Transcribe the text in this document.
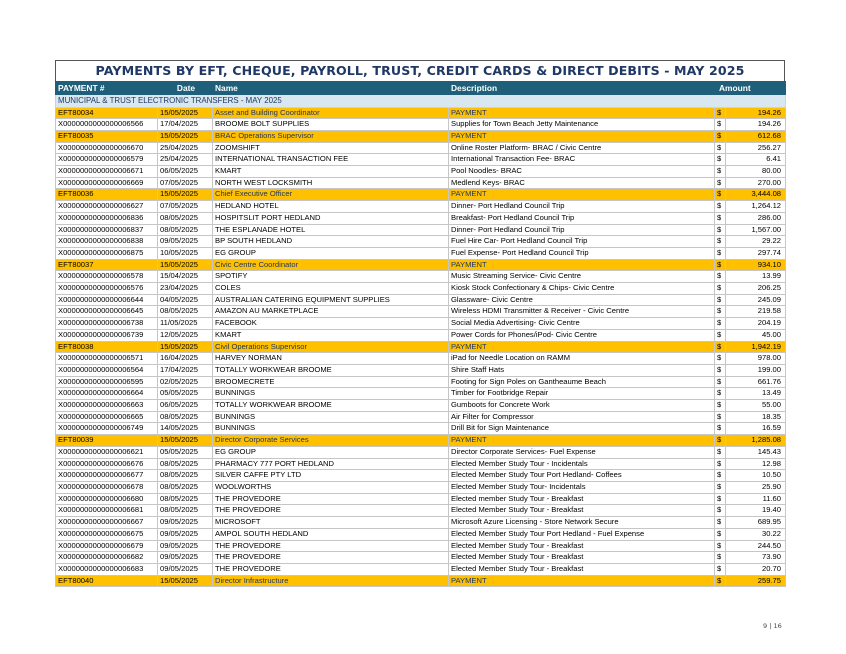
PAYMENTS BY EFT, CHEQUE, PAYROLL, TRUST, CREDIT CARDS & DIRECT DEBITS - MAY 2025
PAYMENT #	Date	Name	Description	Amount	
MUNICIPAL & TRUST ELECTRONIC TRANSFERS - MAY 2025					
EFT80034	15/05/2025	Asset and Building Coordinator	PAYMENT	$	194.26
X0000000000000006566	17/04/2025	BROOME BOLT SUPPLIES	Supplies for Town Beach Jetty Maintenance	$	194.26
EFT80035	15/05/2025	BRAC Operations Supervisor	PAYMENT	$	612.68
X0000000000000006670	25/04/2025	ZOOMSHIFT	Online Roster Platform- BRAC / Civic Centre	$	256.27
X0000000000000006579	25/04/2025	INTERNATIONAL TRANSACTION FEE	International Transaction Fee- BRAC	$	6.41
X0000000000000006671	06/05/2025	KMART	Pool Noodles- BRAC	$	80.00
X0000000000000006669	07/05/2025	NORTH WEST LOCKSMITH	Medlend Keys- BRAC	$	270.00
EFT80036	15/05/2025	Chief Executive Officer	PAYMENT	$	3,444.08
X0000000000000006627	07/05/2025	HEDLAND HOTEL	Dinner- Port Hedland Council Trip	$	1,264.12
X0000000000000006836	08/05/2025	HOSPITSLIT PORT HEDLAND	Breakfast- Port Hedland Council Trip	$	286.00
X0000000000000006837	08/05/2025	THE ESPLANADE HOTEL	Dinner- Port Hedland Council Trip	$	1,567.00
X0000000000000006838	09/05/2025	BP SOUTH HEDLAND	Fuel Hire Car- Port Hedland Council Trip	$	29.22
X0000000000000006875	10/05/2025	EG GROUP	Fuel Expense- Port Hedland Council Trip	$	297.74
EFT80037	15/05/2025	Civic Centre Coordinator	PAYMENT	$	934.10
X0000000000000006578	15/04/2025	SPOTIFY	Music Streaming Service- Civic Centre	$	13.99
X0000000000000006576	23/04/2025	COLES	Kiosk Stock Confectionary & Chips- Civic Centre	$	206.25
X0000000000000006644	04/05/2025	AUSTRALIAN CATERING EQUIPMENT SUPPLIES	Glassware- Civic Centre	$	245.09
X0000000000000006645	08/05/2025	AMAZON AU MARKETPLACE	Wireless HDMI Transmitter & Receiver - Civic Centre	$	219.58
X0000000000000006738	11/05/2025	FACEBOOK	Social Media Advertising- Civic Centre	$	204.19
X0000000000000006739	12/05/2025	KMART	Power Cords for Phones/iPod- Civic Centre	$	45.00
EFT80038	15/05/2025	Civil Operations Supervisor	PAYMENT	$	1,942.19
X0000000000000006571	16/04/2025	HARVEY NORMAN	iPad for Needle Location on RAMM	$	978.00
X0000000000000006564	17/04/2025	TOTALLY WORKWEAR BROOME	Shire Staff Hats	$	199.00
X0000000000000006595	02/05/2025	BROOMECRETE	Footing for Sign Poles on Gantheaume Beach	$	661.76
X0000000000000006664	05/05/2025	BUNNINGS	Timber for Footbridge Repair	$	13.49
X0000000000000006663	06/05/2025	TOTALLY WORKWEAR BROOME	Gumboots for Concrete Work	$	55.00
X0000000000000006665	08/05/2025	BUNNINGS	Air Filter for Compressor	$	18.35
X0000000000000006749	14/05/2025	BUNNINGS	Drill Bit for Sign Maintenance	$	16.59
EFT80039	15/05/2025	Director Corporate Services	PAYMENT	$	1,285.08
X0000000000000006621	05/05/2025	EG GROUP	Director Corporate Services- Fuel Expense	$	145.43
X0000000000000006676	08/05/2025	PHARMACY 777 PORT HEDLAND	Elected Member Study Tour - Incidentals	$	12.98
X0000000000000006677	08/05/2025	SILVER CAFFE PTY LTD	Elected Member Study Tour Port Hedland- Coffees	$	10.50
X0000000000000006678	08/05/2025	WOOLWORTHS	Elected Member Study Tour- Incidentals	$	25.90
X0000000000000006680	08/05/2025	THE PROVEDORE	Elected member Study Tour - Breakfast	$	11.60
X0000000000000006681	08/05/2025	THE PROVEDORE	Elected Member Study Tour - Breakfast	$	19.40
X0000000000000006667	09/05/2025	MICROSOFT	Microsoft Azure Licensing - Store Network Secure	$	689.95
X0000000000000006675	09/05/2025	AMPOL SOUTH HEDLAND	Elected Member Study Tour Port Hedland - Fuel Expense	$	30.22
X0000000000000006679	09/05/2025	THE PROVEDORE	Elected Member Study Tour - Breakfast	$	244.50
X0000000000000006682	09/05/2025	THE PROVEDORE	Elected Member Study Tour - Breakfast	$	73.90
X0000000000000006683	09/05/2025	THE PROVEDORE	Elected Member Study Tour - Breakfast	$	20.70
EFT80040	15/05/2025	Director Infrastructure	PAYMENT	$	259.75
9 | 16
